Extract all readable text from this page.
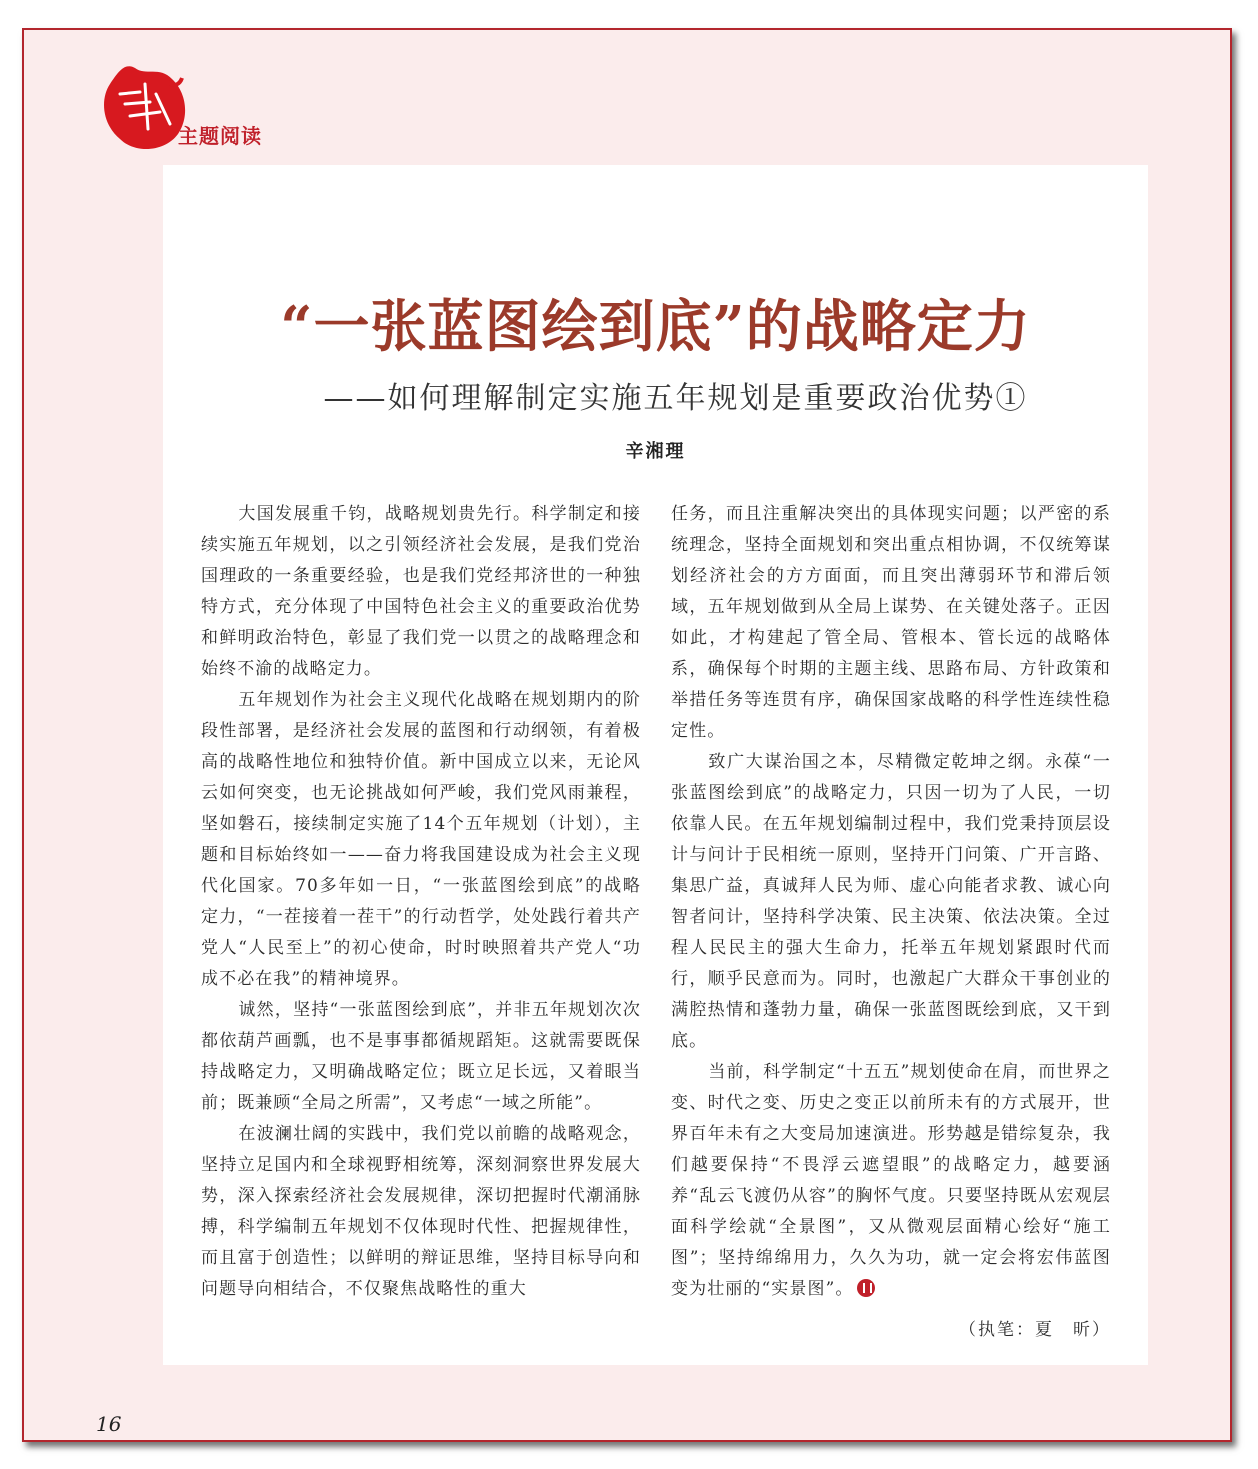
主题阅读
“一张蓝图绘到底”的战略定力
——如何理解制定实施五年规划是重要政治优势①
辛湘理

大国发展重千钧，战略规划贵先行。科学制定和接续实施五年规划，以之引领经济社会发展，是我们党治国理政的一条重要经验，也是我们党经邦济世的一种独特方式，充分体现了中国特色社会主义的重要政治优势和鲜明政治特色，彰显了我们党一以贯之的战略理念和始终不渝的战略定力。

五年规划作为社会主义现代化战略在规划期内的阶段性部署，是经济社会发展的蓝图和行动纲领，有着极高的战略性地位和独特价值。新中国成立以来，无论风云如何突变，也无论挑战如何严峻，我们党风雨兼程，坚如磐石，接续制定实施了14个五年规划（计划），主题和目标始终如一——奋力将我国建设成为社会主义现代化国家。70多年如一日，“一张蓝图绘到底”的战略定力，“一茬接着一茬干”的行动哲学，处处践行着共产党人“人民至上”的初心使命，时时映照着共产党人“功成不必在我”的精神境界。

诚然，坚持“一张蓝图绘到底”，并非五年规划次次都依葫芦画瓢，也不是事事都循规蹈矩。这就需要既保持战略定力，又明确战略定位；既立足长远，又着眼当前；既兼顾“全局之所需”，又考虑“一域之所能”。

在波澜壮阔的实践中，我们党以前瞻的战略观念，坚持立足国内和全球视野相统筹，深刻洞察世界发展大势，深入探索经济社会发展规律，深切把握时代潮涌脉搏，科学编制五年规划不仅体现时代性、把握规律性，而且富于创造性；以鲜明的辩证思维，坚持目标导向和问题导向相结合，不仅聚焦战略性的重大

任务，而且注重解决突出的具体现实问题；以严密的系统理念，坚持全面规划和突出重点相协调，不仅统筹谋划经济社会的方方面面，而且突出薄弱环节和滞后领域，五年规划做到从全局上谋势、在关键处落子。正因如此，才构建起了管全局、管根本、管长远的战略体系，确保每个时期的主题主线、思路布局、方针政策和举措任务等连贯有序，确保国家战略的科学性连续性稳定性。

致广大谋治国之本，尽精微定乾坤之纲。永葆“一张蓝图绘到底”的战略定力，只因一切为了人民，一切依靠人民。在五年规划编制过程中，我们党秉持顶层设计与问计于民相统一原则，坚持开门问策、广开言路、集思广益，真诚拜人民为师、虚心向能者求教、诚心向智者问计，坚持科学决策、民主决策、依法决策。全过程人民民主的强大生命力，托举五年规划紧跟时代而行，顺乎民意而为。同时，也激起广大群众干事创业的满腔热情和蓬勃力量，确保一张蓝图既绘到底，又干到底。

当前，科学制定“十五五”规划使命在肩，而世界之变、时代之变、历史之变正以前所未有的方式展开，世界百年未有之大变局加速演进。形势越是错综复杂，我们越要保持“不畏浮云遮望眼”的战略定力，越要涵养“乱云飞渡仍从容”的胸怀气度。只要坚持既从宏观层面科学绘就“全景图”，又从微观层面精心绘好“施工图”；坚持绵绵用力，久久为功，就一定会将宏伟蓝图变为壮丽的“实景图”。

（执笔：夏　昕）
16
